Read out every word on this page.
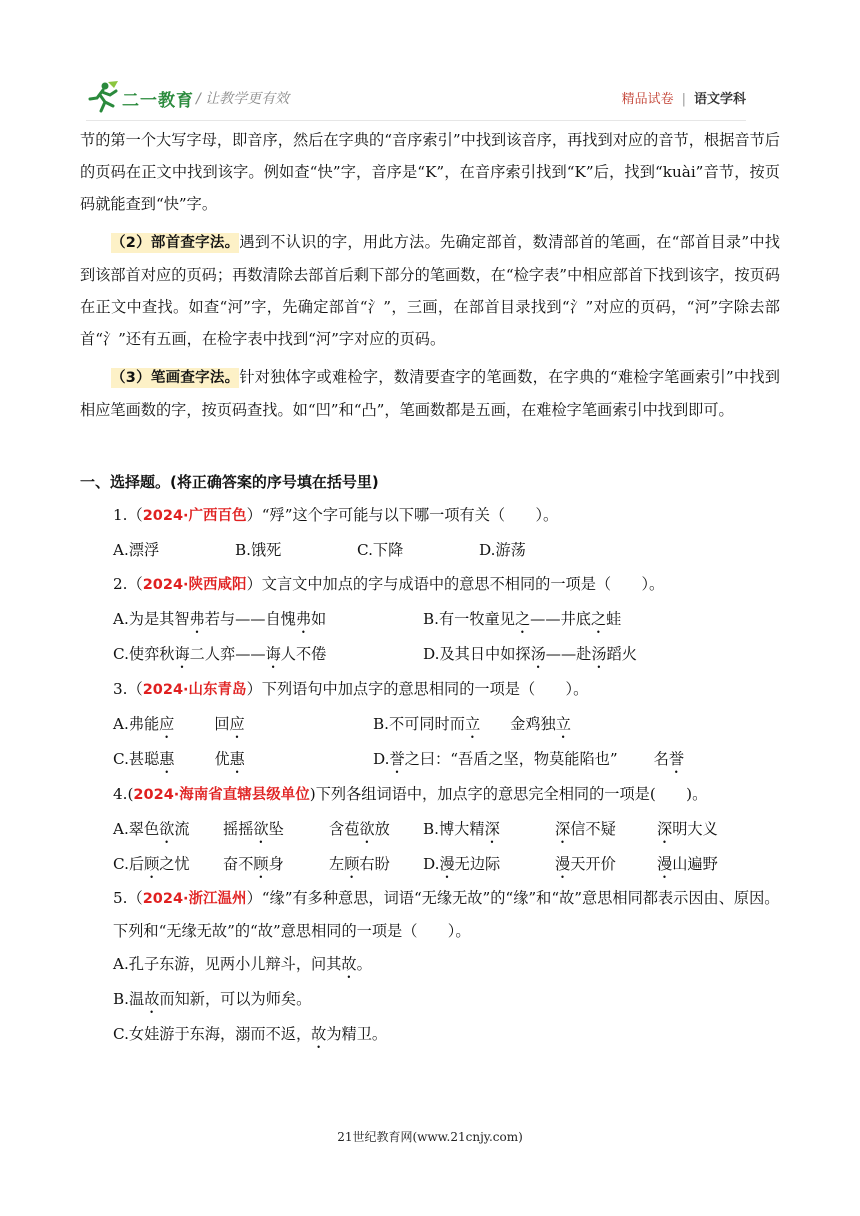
二一教育 / 让教学更有效	精品试卷 | 语文学科

节的第一个大写字母，即音序，然后在字典的“音序索引”中找到该音序，再找到对应的音节，根据音节后的页码在正文中找到该字。例如查“快”字，音序是“K”，在音序索引找到“K”后，找到“kuài”音节，按页码就能查到“快”字。

（2）部首查字法。遇到不认识的字，用此方法。先确定部首，数清部首的笔画，在“部首目录”中找到该部首对应的页码；再数清除去部首后剩下部分的笔画数，在“检字表”中相应部首下找到该字，按页码在正文中查找。如查“河”字，先确定部首“氵”，三画，在部首目录找到“氵”对应的页码，“河”字除去部首“氵”还有五画，在检字表中找到“河”字对应的页码。

（3）笔画查字法。针对独体字或难检字，数清要查字的笔画数，在字典的“难检字笔画索引”中找到相应笔画数的字，按页码查找。如“凹”和“凸”，笔画数都是五画，在难检字笔画索引中找到即可。

一、选择题。(将正确答案的序号填在括号里)

1.（2024·广西百色）“殍”这个字可能与以下哪一项有关（　　）。

A.漂浮	B.饿死	C.下降	D.游荡

2.（2024·陕西咸阳）文言文中加点的字与成语中的意思不相同的一项是（　　）。

A.为是其智弗若与——自愧弗如	B.有一牧童见之——井底之蛙
C.使弈秋诲二人弈——诲人不倦	D.及其日中如探汤——赴汤蹈火

3.（2024·山东青岛）下列语句中加点字的意思相同的一项是（　　）。

A.弗能应	回应	B.不可同时而立 金鸡独立
C.甚聪惠	优惠	D.誉之曰：“吾盾之坚，物莫能陷也” 名誉

4.(2024·海南省直辖县级单位)下列各组词语中，加点字的意思完全相同的一项是(　　)。

A.翠色欲流 摇摇欲坠	含苞欲放	B.博大精深	深信不疑	深明大义
C.后顾之忧 奋不顾身	左顾右盼	D.漫无边际	漫天开价	漫山遍野

5.（2024·浙江温州）“缘”有多种意思，词语“无缘无故”的“缘”和“故”意思相同都表示因由、原因。下列和“无缘无故”的“故”意思相同的一项是（　　）。

A.孔子东游，见两小儿辩斗，问其 故 。
B.温 故 而知新，可以为师矣。
C.女娃游于东海，溺而不返， 故 为精卫。
21世纪教育网(www.21cnjy.com)
